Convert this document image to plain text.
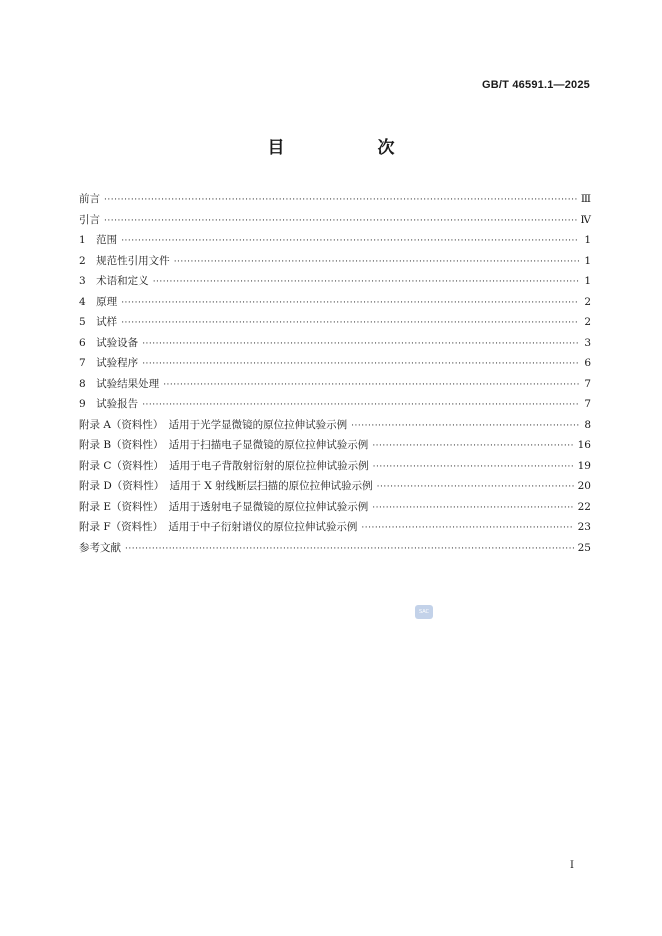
GB/T 46591.1—2025
目　次
前言 ·····	Ⅲ
引言 ·····	Ⅳ
1　范围 ·····	1
2　规范性引用文件 ·····	1
3　术语和定义 ·····	1
4　原理 ·····	2
5　试样 ·····	2
6　试验设备 ·····	3
7　试验程序 ·····	6
8　试验结果处理 ·····	7
9　试验报告 ·····	7
附录 A（资料性）　适用于光学显微镜的原位拉伸试验示例 ·····	8
附录 B（资料性）　适用于扫描电子显微镜的原位拉伸试验示例 ·····	16
附录 C（资料性）　适用于电子背散射衍射的原位拉伸试验示例 ·····	19
附录 D（资料性）　适用于 X 射线断层扫描的原位拉伸试验示例 ·····	20
附录 E（资料性）　适用于透射电子显微镜的原位拉伸试验示例 ·····	22
附录 F（资料性）　适用于中子衍射谱仪的原位拉伸试验示例 ·····	23
参考文献 ·····	25
SAC
Ⅰ
